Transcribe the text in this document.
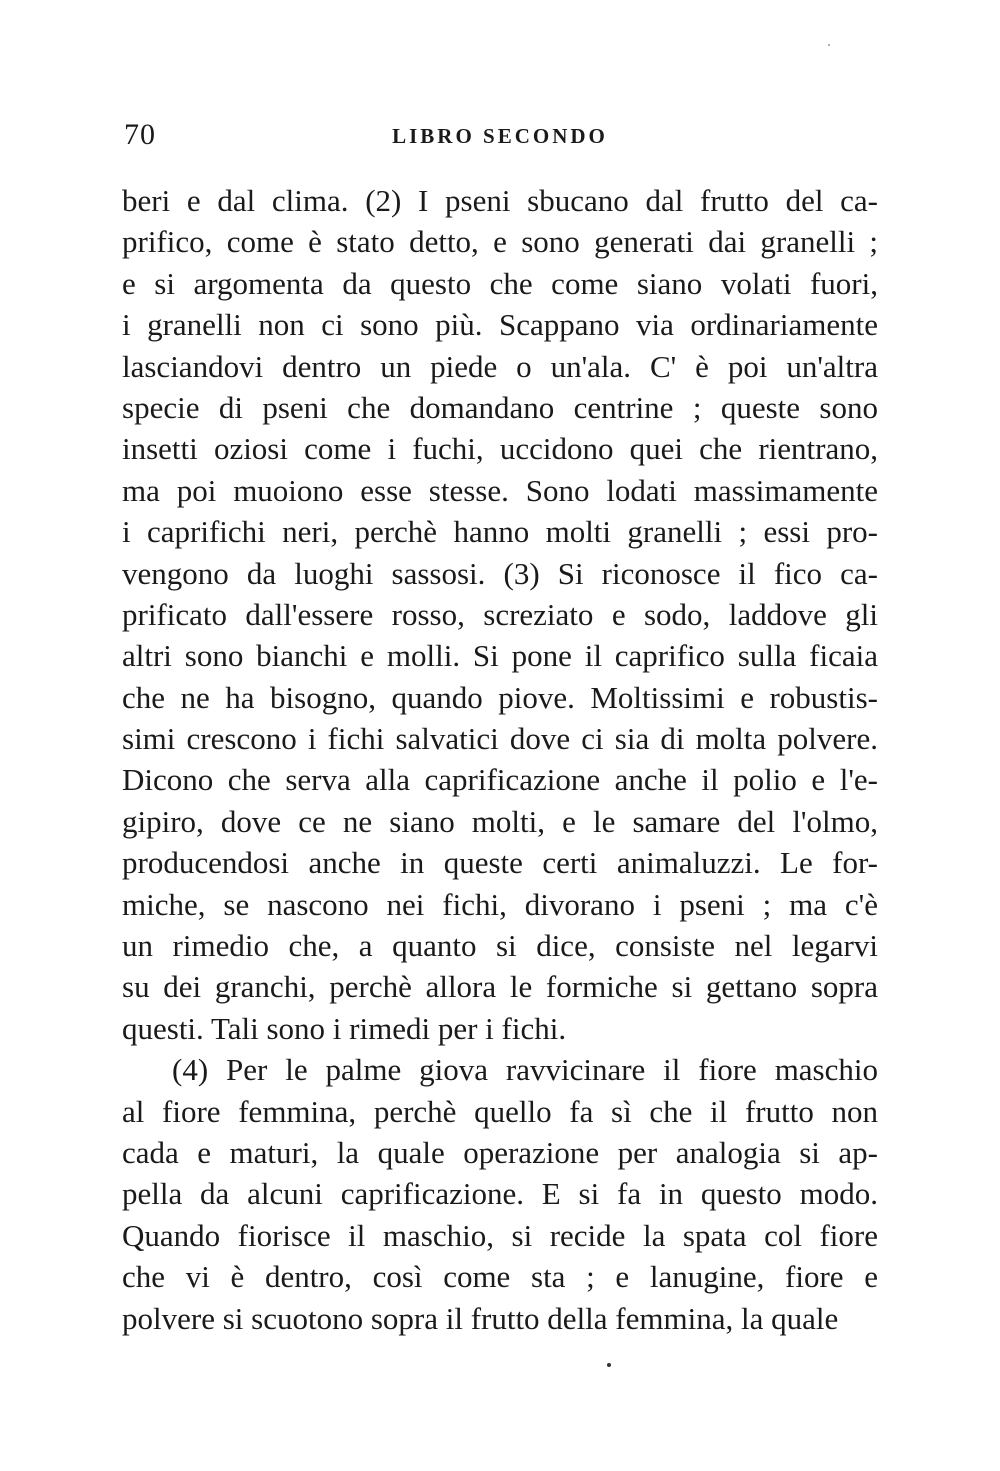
70	LIBRO SECONDO
beri e dal clima. (2) I pseni sbucano dal frutto del ca-
prifico, come è stato detto, e sono generati dai granelli ;
e si argomenta da questo che come siano volati fuori,
i granelli non ci sono più. Scappano via ordinariamente
lasciandovi dentro un piede o un'ala. C' è poi un'altra
specie di pseni che domandano centrine ; queste sono
insetti oziosi come i fuchi, uccidono quei che rientrano,
ma poi muoiono esse stesse. Sono lodati massimamente
i caprifichi neri, perchè hanno molti granelli ; essi pro-
vengono da luoghi sassosi. (3) Si riconosce il fico ca-
prificato dall'essere rosso, screziato e sodo, laddove gli
altri sono bianchi e molli. Si pone il caprifico sulla ficaia
che ne ha bisogno, quando piove. Moltissimi e robustis-
simi crescono i fichi salvatici dove ci sia di molta polvere.
Dicono che serva alla caprificazione anche il polio e l'e-
gipiro, dove ce ne siano molti, e le samare del l'olmo,
producendosi anche in queste certi animaluzzi. Le for-
miche, se nascono nei fichi, divorano i pseni ; ma c'è
un rimedio che, a quanto si dice, consiste nel legarvi
su dei granchi, perchè allora le formiche si gettano sopra
questi. Tali sono i rimedi per i fichi.
(4) Per le palme giova ravvicinare il fiore maschio
al fiore femmina, perchè quello fa sì che il frutto non
cada e maturi, la quale operazione per analogia si ap-
pella da alcuni caprificazione. E si fa in questo modo.
Quando fiorisce il maschio, si recide la spata col fiore
che vi è dentro, così come sta ; e lanugine, fiore e
polvere si scuotono sopra il frutto della femmina, la quale
